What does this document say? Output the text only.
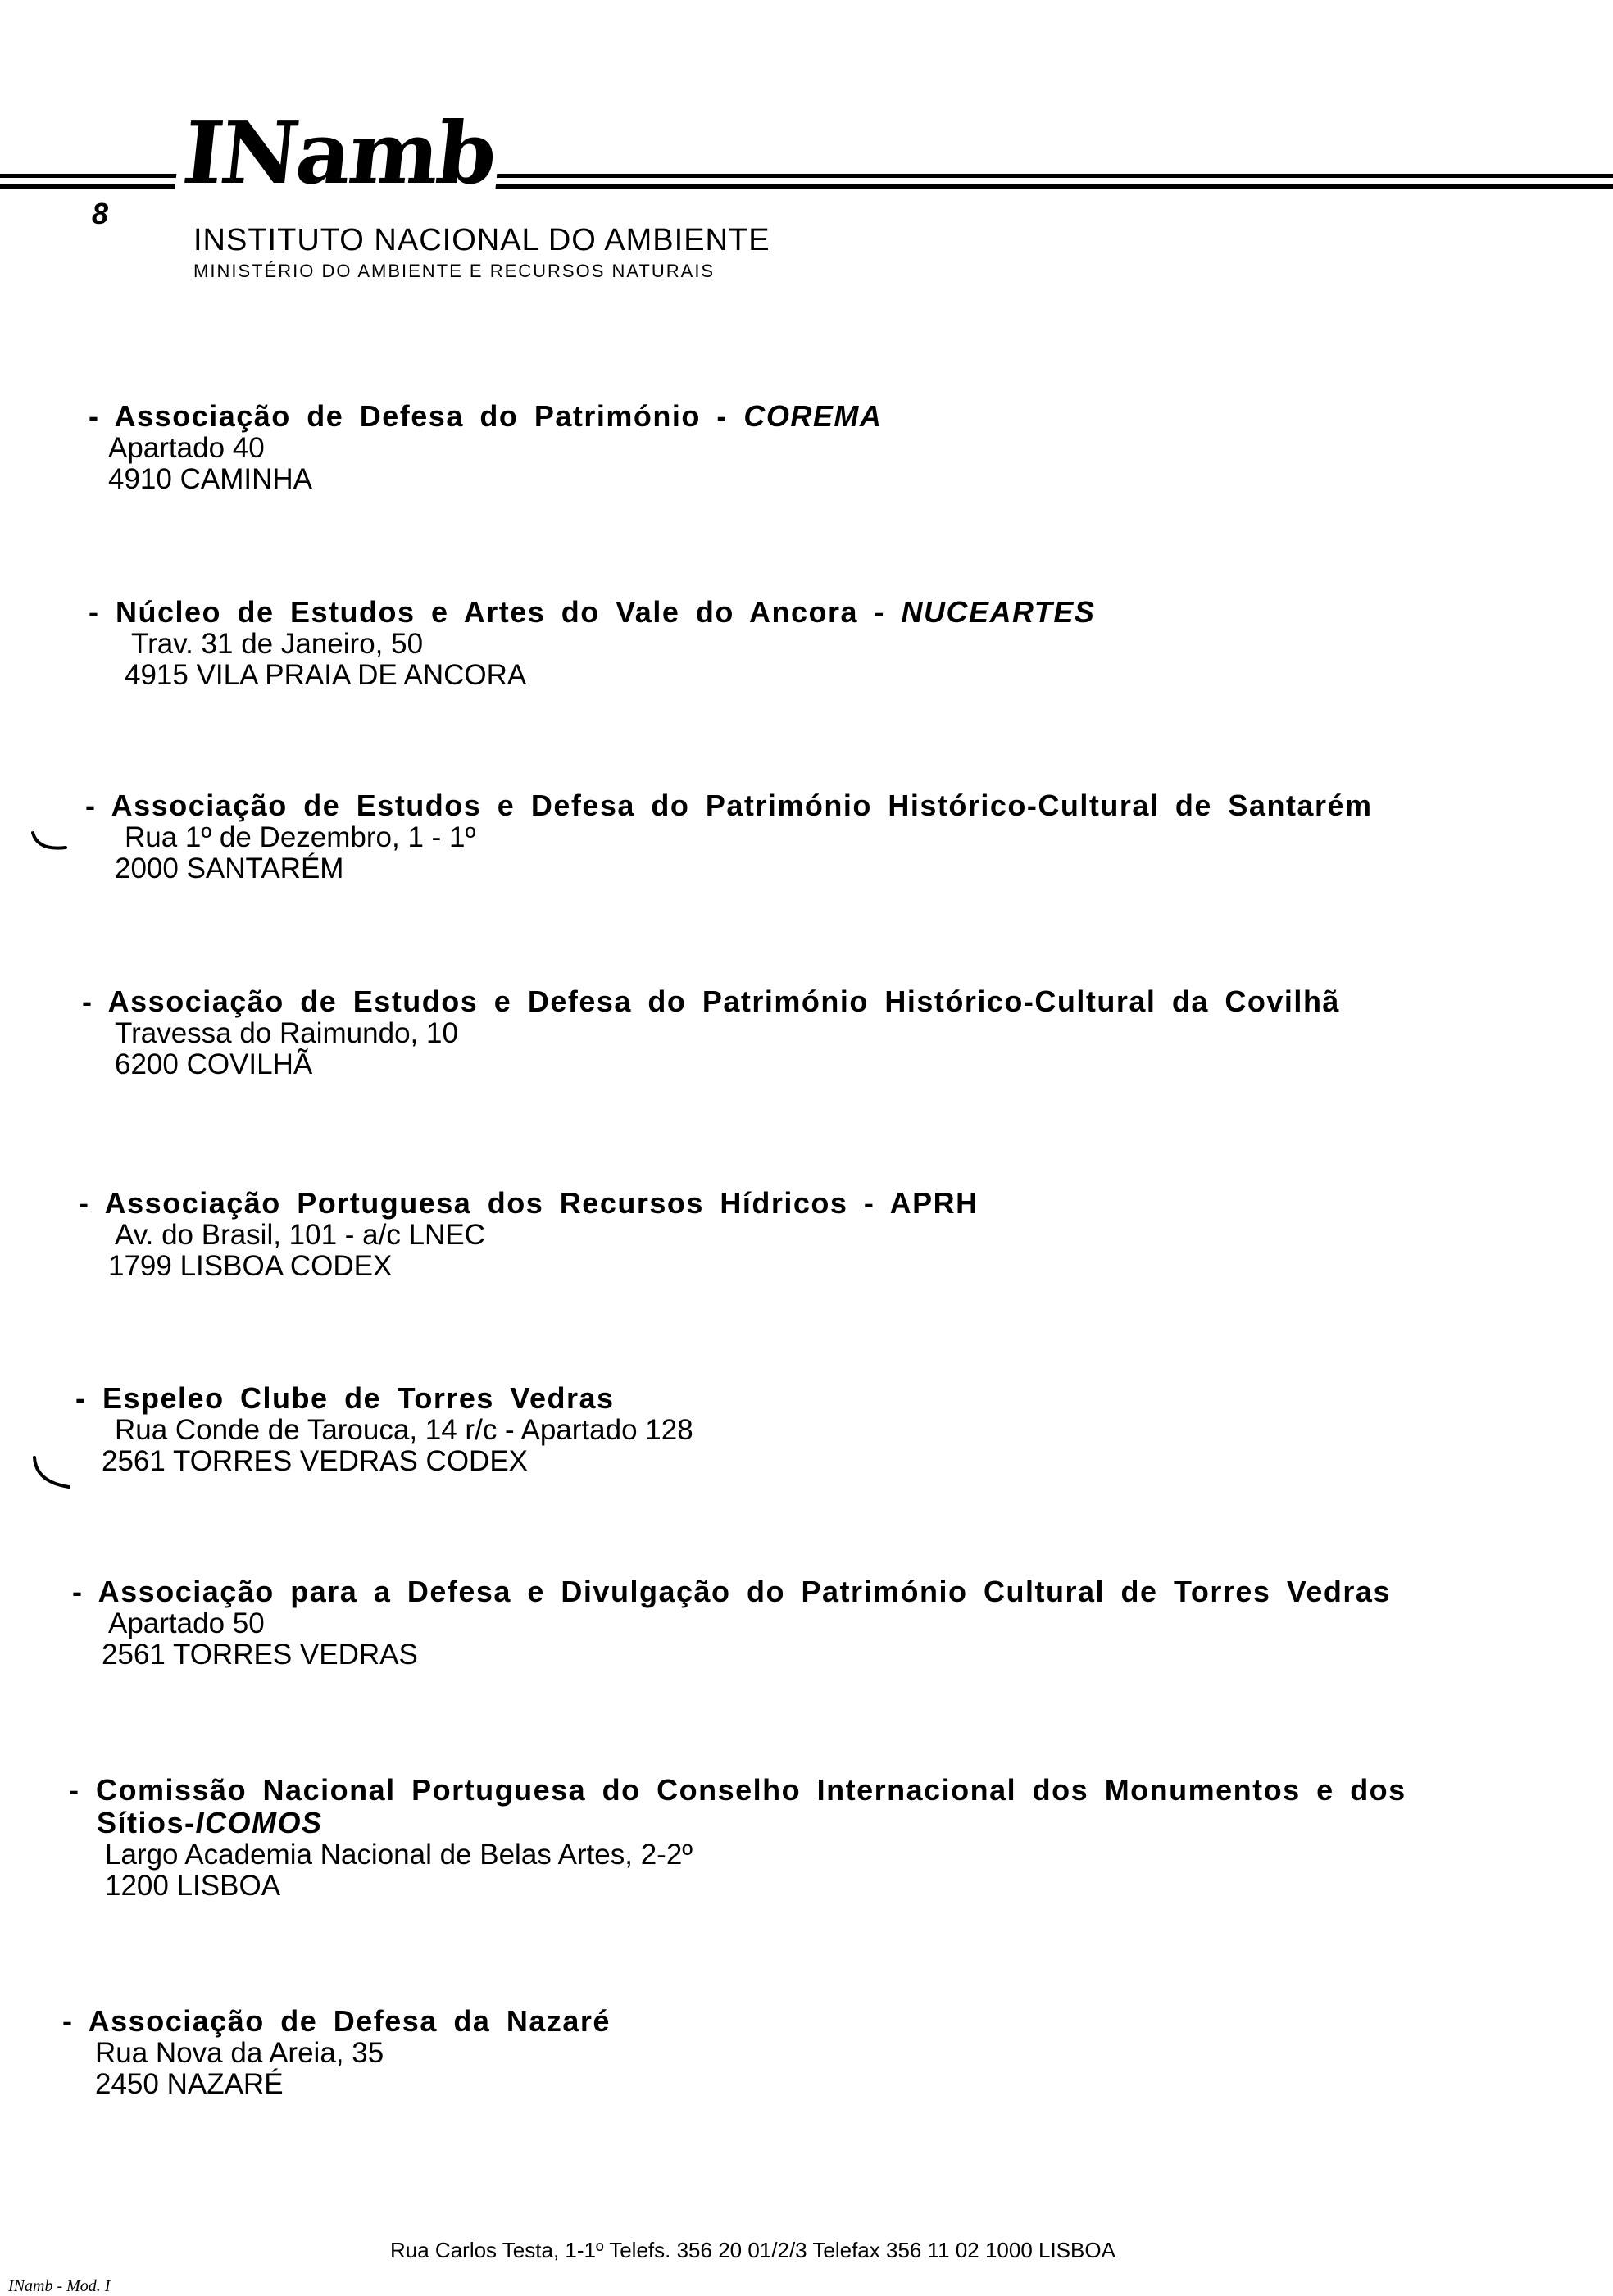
INamb
8
INSTITUTO NACIONAL DO AMBIENTE
MINISTÉRIO DO AMBIENTE E RECURSOS NATURAIS
- Associação de Defesa do Património - COREMA
Apartado 40
4910 CAMINHA
- Núcleo de Estudos e Artes do Vale do Ancora - NUCEARTES
Trav. 31 de Janeiro, 50
4915 VILA PRAIA DE ANCORA
- Associação de Estudos e Defesa do Património Histórico-Cultural de Santarém
Rua 1º de Dezembro, 1 - 1º
2000 SANTARÉM
- Associação de Estudos e Defesa do Património Histórico-Cultural da Covilhã
Travessa do Raimundo, 10
6200 COVILHÃ
- Associação Portuguesa dos Recursos Hídricos - APRH
Av. do Brasil, 101 - a/c LNEC
1799 LISBOA CODEX
- Espeleo Clube de Torres Vedras
Rua Conde de Tarouca, 14 r/c - Apartado 128
2561 TORRES VEDRAS CODEX
- Associação para a Defesa e Divulgação do Património Cultural de Torres Vedras
Apartado 50
2561 TORRES VEDRAS
- Comissão Nacional Portuguesa do Conselho Internacional dos Monumentos e dos
Sítios-ICOMOS
Largo Academia Nacional de Belas Artes, 2-2º
1200 LISBOA
- Associação de Defesa da Nazaré
Rua Nova da Areia, 35
2450 NAZARÉ
Rua Carlos Testa, 1-1º Telefs. 356 20 01/2/3 Telefax 356 11 02 1000 LISBOA
INamb - Mod. I
